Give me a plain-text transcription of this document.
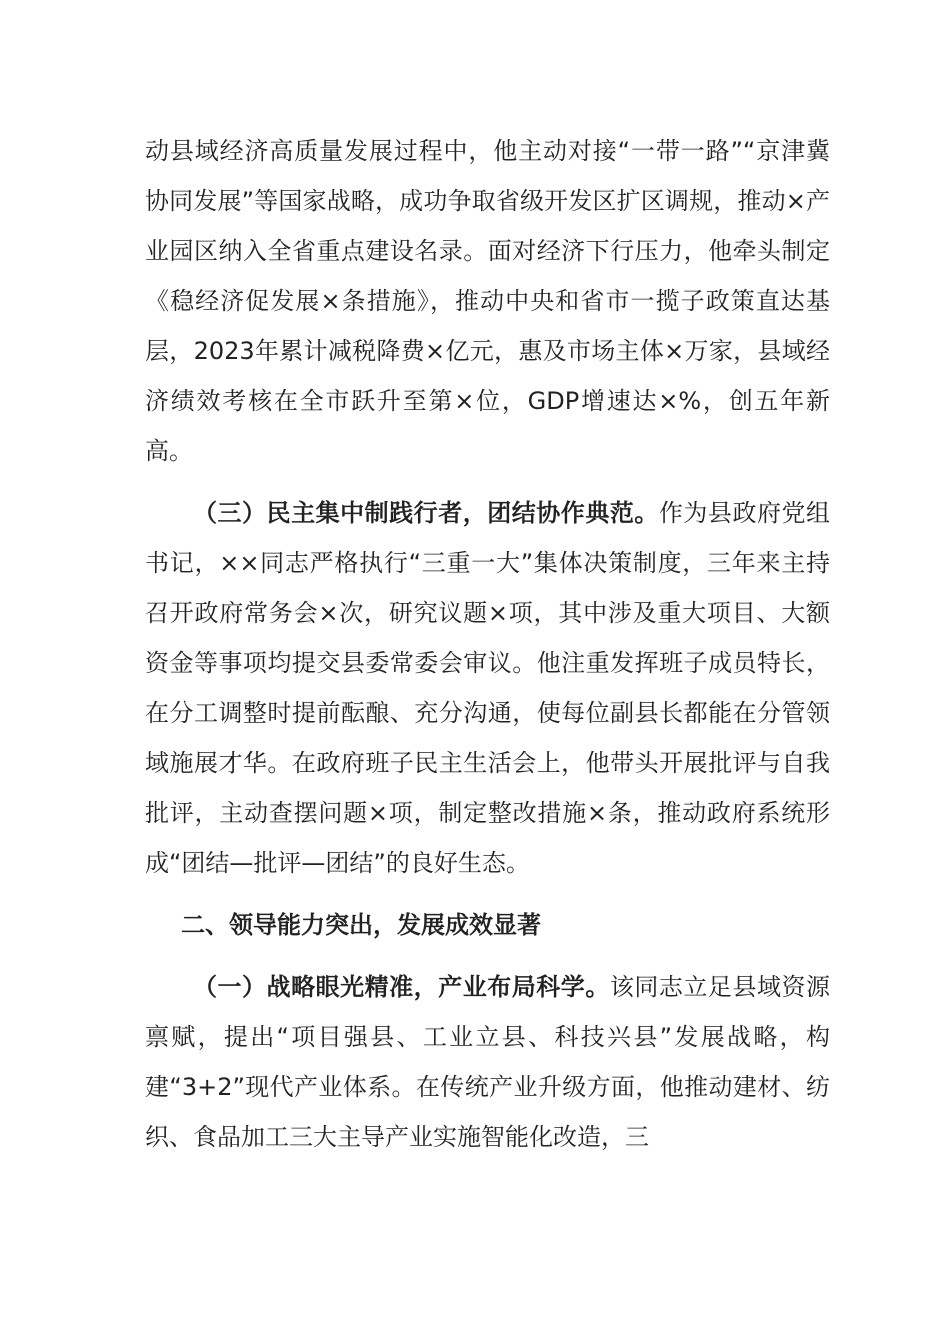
动县域经济高质量发展过程中，他主动对接“一带一路”“京津冀协同发展”等国家战略，成功争取省级开发区扩区调规，推动×产业园区纳入全省重点建设名录。面对经济下行压力，他牵头制定《稳经济促发展×条措施》，推动中央和省市一揽子政策直达基层，2023年累计减税降费×亿元，惠及市场主体×万家，县域经济绩效考核在全市跃升至第×位，GDP增速达×%，创五年新高。

（三）民主集中制践行者，团结协作典范。作为县政府党组书记，××同志严格执行“三重一大”集体决策制度，三年来主持召开政府常务会×次，研究议题×项，其中涉及重大项目、大额资金等事项均提交县委常委会审议。他注重发挥班子成员特长，在分工调整时提前酝酿、充分沟通，使每位副县长都能在分管领域施展才华。在政府班子民主生活会上，他带头开展批评与自我批评，主动查摆问题×项，制定整改措施×条，推动政府系统形成“团结—批评—团结”的良好生态。

二、领导能力突出，发展成效显著

（一）战略眼光精准，产业布局科学。该同志立足县域资源禀赋，提出“项目强县、工业立县、科技兴县”发展战略，构建“3+2”现代产业体系。在传统产业升级方面，他推动建材、纺织、食品加工三大主导产业实施智能化改造，三
